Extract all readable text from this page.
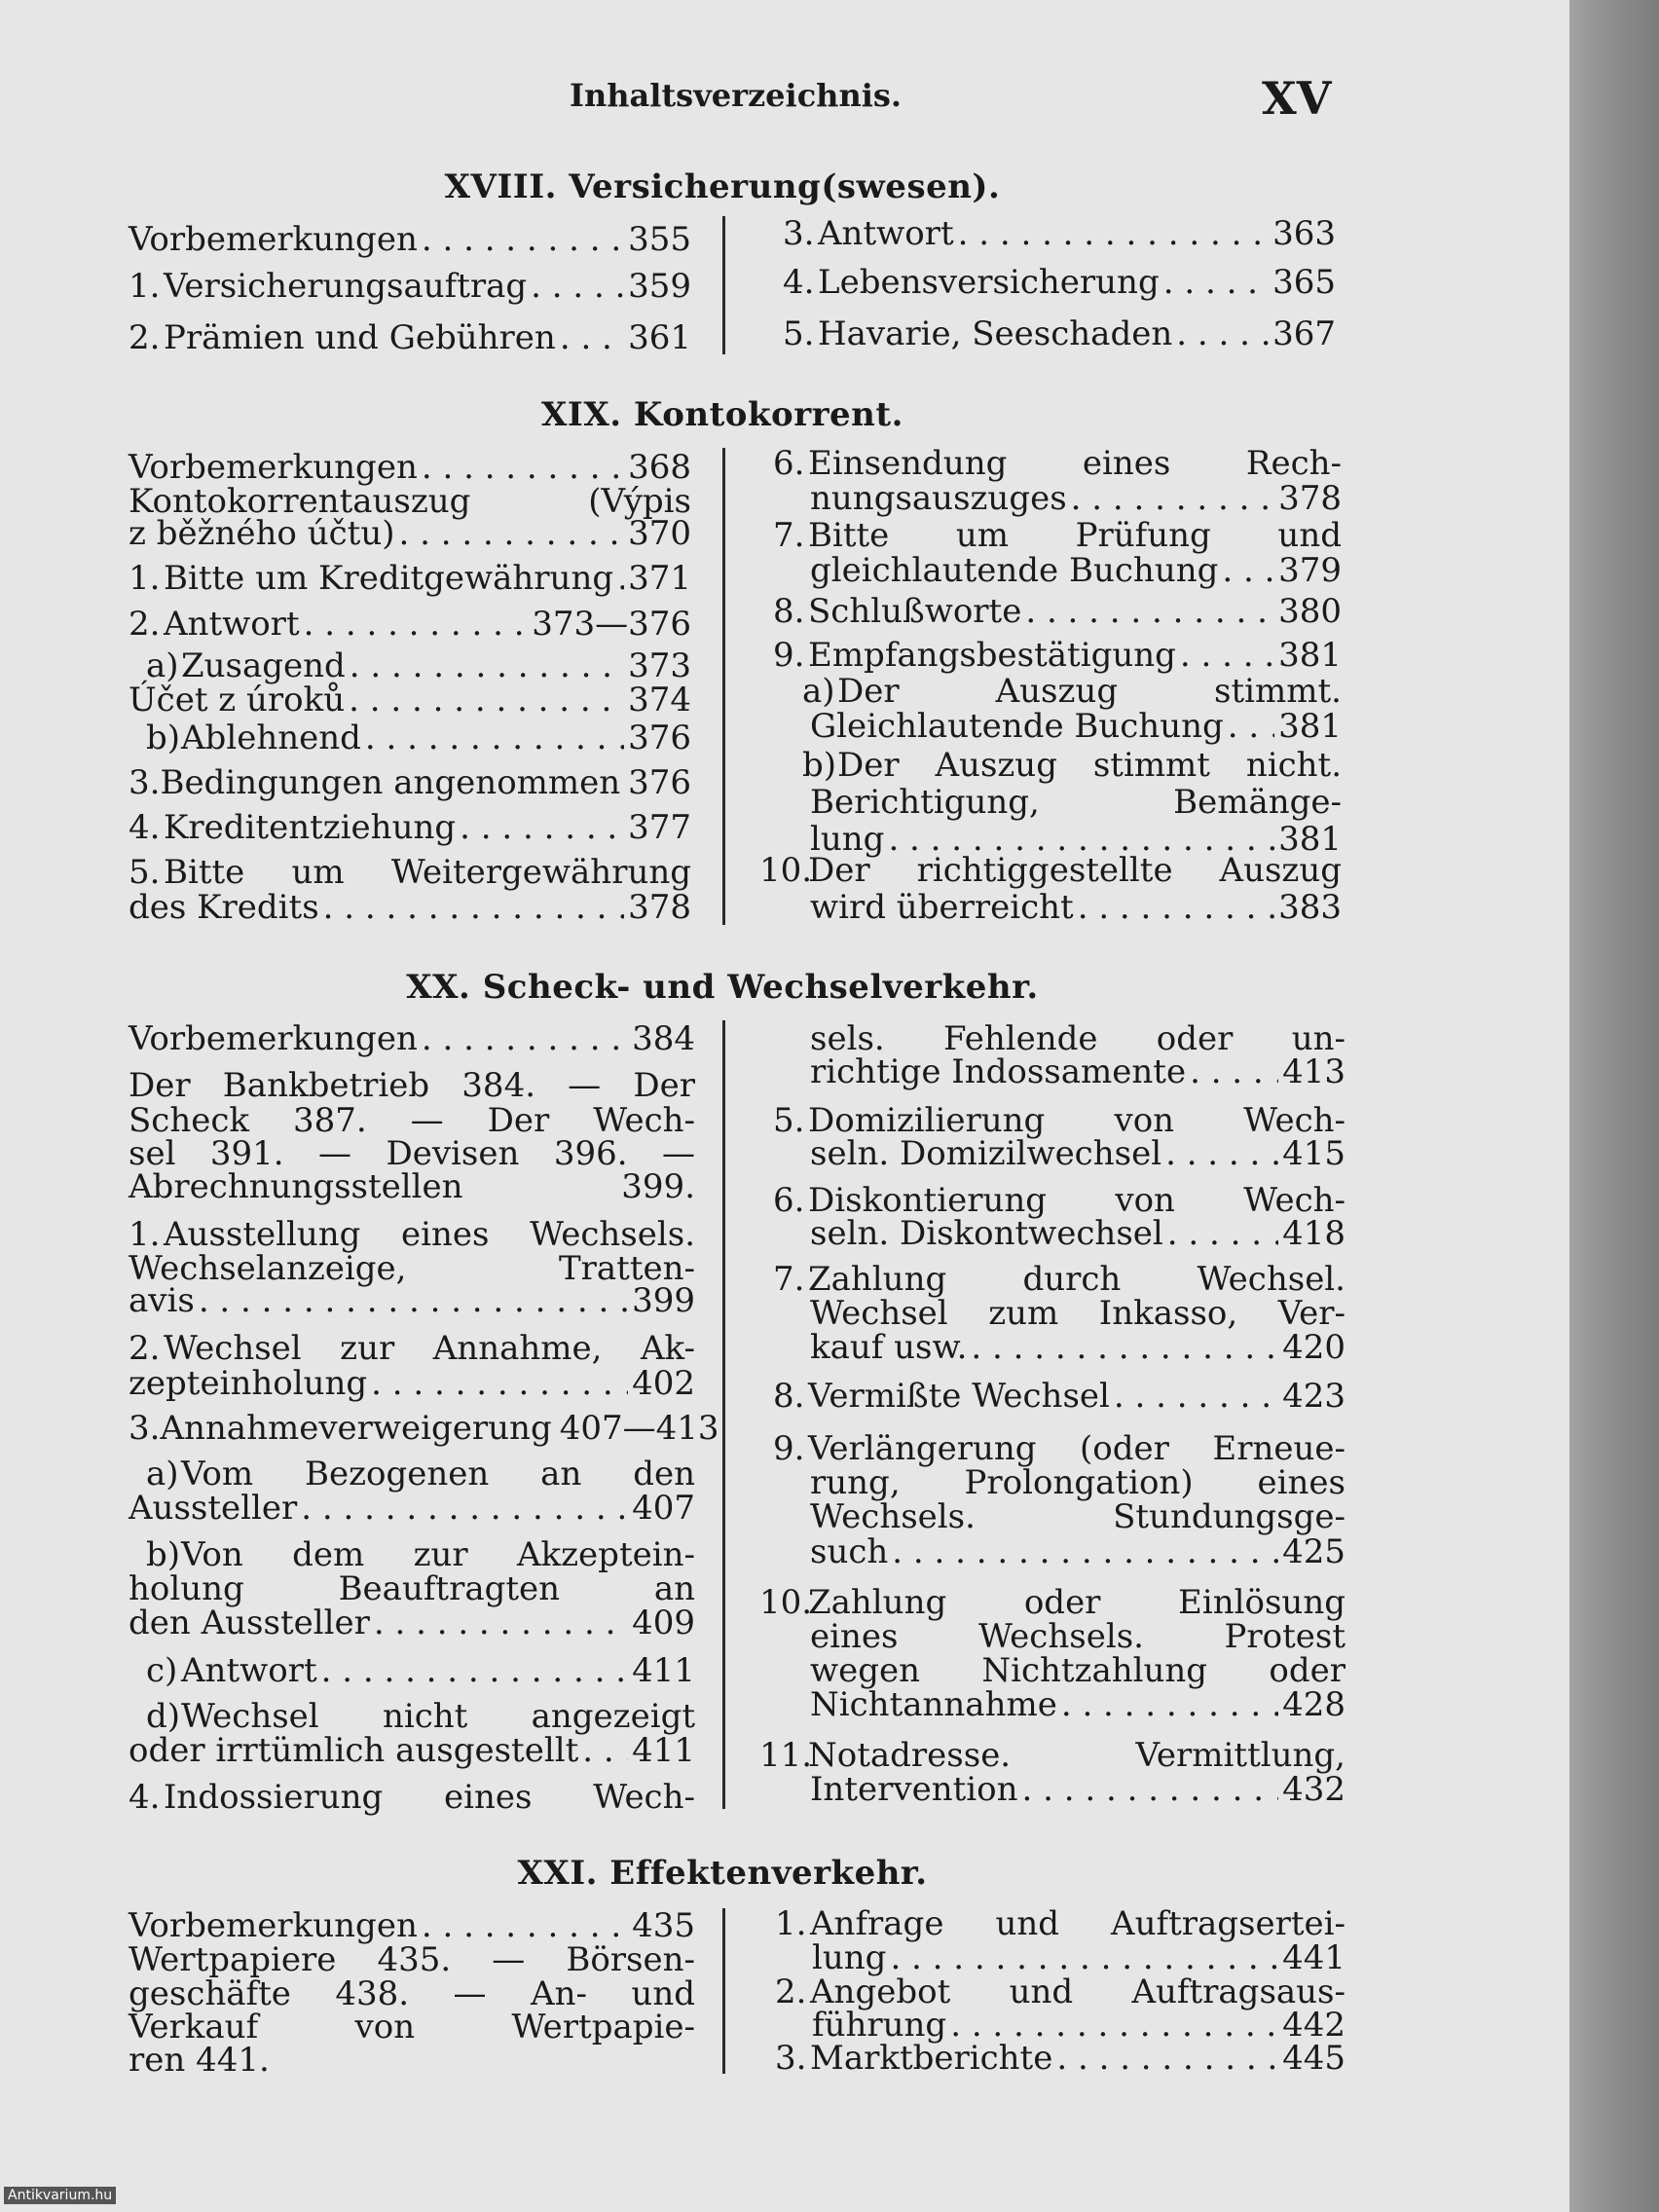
Inhaltsverzeichnis.	XV
XVIII. Versicherung(swesen).
Vorbemerkungen . . .	355
1. Versicherungsauftrag . . .	359
2. Prämien und Gebühren . . . 361
3. Antwort . . .	363
4. Lebensversicherung . . .	365
5. Havarie, Seeschaden . . .	367
XIX. Kontokorrent.
Vorbemerkungen . . .	368
Kontokorrentauszug (Výpis
z běžného účtu) . . .	370
1. Bitte um Kreditgewährung . . . 371
2. Antwort . . .	373—376
a) Zusagend . . .	373
Účet z úroků . . .	374
b) Ablehnend . . .	376
3. Bedingungen angenommen 376
4. Kreditentziehung . . .	377
5. Bitte um Weitergewährung
des Kredits . . .	378
6. Einsendung eines Rech-
nungsauszuges . . .	378
7. Bitte um Prüfung und
gleichlautende Buchung . . . 379
8. Schlußworte . . .	380
9. Empfangsbestätigung . . .	381
a) Der Auszug stimmt.
Gleichlautende Buchung . . . 381
b) Der Auszug stimmt nicht.
Berichtigung, Bemänge-
lung . . .	381
10.
Der richtiggestellte Auszug
wird überreicht . . .	383
XX. Scheck- und Wechselverkehr.
Vorbemerkungen . . .	384
Der Bankbetrieb 384. — Der
Scheck 387. — Der Wech-
sel 391. — Devisen 396. —
Abrechnungsstellen 399.
1. Ausstellung eines Wechsels.
Wechselanzeige, Tratten-
avis . . .	399
2. Wechsel zur Annahme, Ak-
zepteinholung . . .	402
3. Annahmeverweigerung 407—413
a) Vom Bezogenen an den
Aussteller . . .	407
b) Von dem zur Akzeptein-
holung Beauftragten an
den Aussteller . . .	409
c) Antwort . . .	411
d) Wechsel nicht angezeigt
oder irrtümlich ausgestellt . . . 411
4. Indossierung eines Wech-
sels. Fehlende oder un-
richtige Indossamente . . .	413
5. Domizilierung von Wech-
seln. Domizilwechsel . . .	415
6. Diskontierung von Wech-
seln. Diskontwechsel . . .	418
7. Zahlung durch Wechsel.
Wechsel zum Inkasso, Ver-
kauf usw. . . .	420
8. Vermißte Wechsel . . .	423
9. Verlängerung (oder Erneue-
rung, Prolongation) eines
Wechsels. Stundungsge-
such . . .	425
10.
Zahlung oder Einlösung
eines Wechsels. Protest
wegen Nichtzahlung oder
Nichtannahme . . .	428
11.
Notadresse. Vermittlung,
Intervention . . .	432
XXI. Effektenverkehr.
Vorbemerkungen . . .	435
Wertpapiere 435. — Börsen-
geschäfte 438. — An- und
Verkauf von Wertpapie-
ren 441.
1. Anfrage und Auftragsertei-
lung . . .	441
2. Angebot und Auftragsaus-
führung . . .	442
3. Marktberichte . . .	445
Antikvarium.hu
